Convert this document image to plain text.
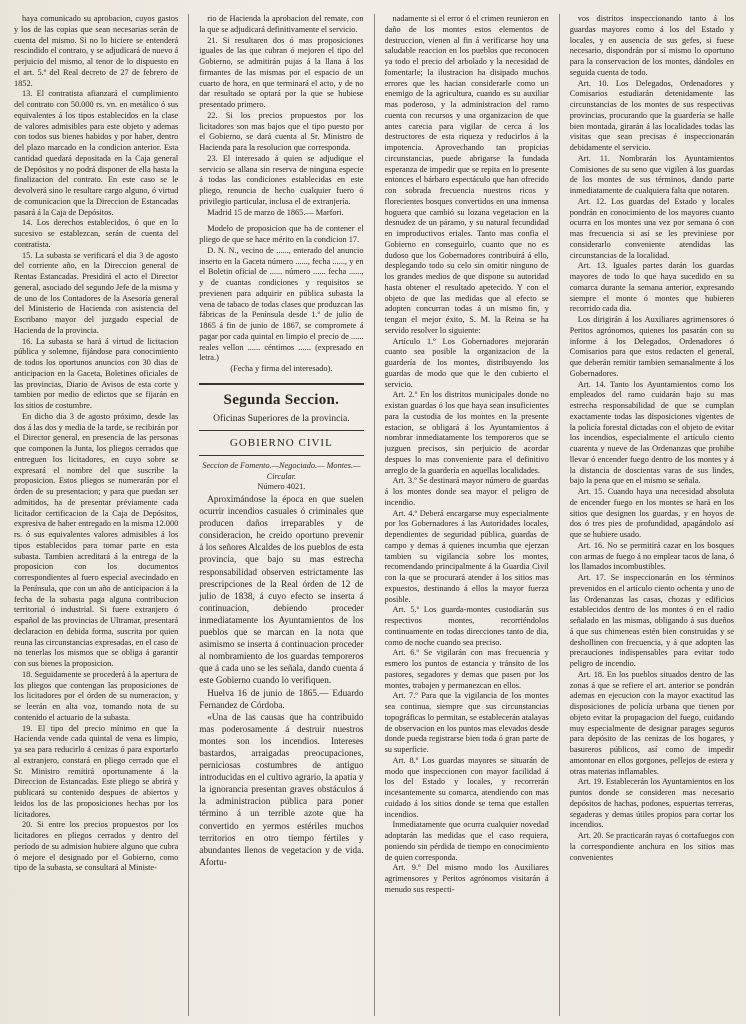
haya comunicado su aprobacion, cuyos gastos y los de las copias que sean necesarias serán de cuenta del mismo. Si no lo hiciere se entenderá rescindido el contrato, y se adjudicará de nuevo á perjuicio del mismo, al tenor de lo dispuesto en el art. 5.º del Real decreto de 27 de febrero de 1852.

13. El contratista afianzará el cumplimiento del contrato con 50.000 rs. vn. en metálico ó sus equivalentes á los tipos establecidos en la clase de valores admisibles para este objeto y ademas con todos sus bienes habidos y por haber, dentro del plazo marcado en la condicion anterior. Esta cantidad quedará depositada en la Caja general de Depósitos y no podrá disponer de ella hasta la finalizacion del contrato. En este caso se le devolverá sino le resultare cargo alguno, ó virtud de comunicacion que la Direccion de Estancadas pasará á la Caja de Depósitos.

14. Los derechos establecidos, ó que en lo sucesivo se establezcan, serán de cuenta del contratista.

15. La subasta se verificará el dia 3 de agosto del corriente año, en la Direccion general de Rentas Estancadas. Presidirá el acto el Director general, asociado del segundo Jefe de la misma y de uno de los Contadores de la Asesoría general del Ministerio de Hacienda con asistencia del Escribano mayor del juzgado especial de Hacienda de la provincia.

16. La subasta se hará á virtud de licitacion pública y solemne, fijándose para conocimiento de todos los oportunos anuncios con 30 dias de anticipacion en la Gaceta, Boletines oficiales de las provincias, Diario de Avisos de esta corte y tambien por medio de edictos que se fijarán en los sitios de costumbre.

En dicho dia 3 de agosto próximo, desde las dos á las dos y media de la tarde, se recibirán por el Director general, en presencia de las personas que componen la Junta, los pliegos cerrados que entreguen los licitadores, en cuyo sobre se expresará el nombre del que suscribe la proposicion. Estos pliegos se numerarán por el órden de su presentacion; y para que puedan ser admitidos, ha de presentar préviamente cada licitador certificacion de la Caja de Depósitos, expresiva de haber entregado en la misma 12.000 rs. ó sus equivalentes valores admisibles á los tipos establecidos para tomar parte en esta subasta. Tambien acreditará á la entrega de la proposicion con los documentos correspondientes al fuero especial avecindado en la Península, que con un año de anticipacion á la fecha de la subasta paga alguna contribucion territorial ó industrial. Si fuere extranjero ó español de las provincias de Ultramar, presentará declaracion en debida forma, suscrita por quien reuna las circunstancias expresadas, en el caso de no tenerlas los mismos que se obliga á garantir con sus bienes la proposicion.

18. Seguidamente se procederá á la apertura de los pliegos que contengan las proposiciones de los licitadores por el órden de su numeracion, y se leerán en alta voz, tomando nota de su contenido el actuario de la subasta.

19. El tipo del precio mínimo en que la Hacienda vende cada quintal de vena es limpio, ya sea para reducirlo á cenizas ó para exportarlo al extranjero, constará en pliego cerrado que el Sr. Ministro remitirá oportunamente á la Direccion de Estancadas. Este pliego se abrirá y publicará su contenido despues de abiertos y leidos los de las proposiciones hechas por los licitadores.

20. Si entre los precios propuestos por los licitadores en pliegos cerrados y dentro del período de su admision hubiere alguno que cubra ó mejore el designado por el Gobierno, como tipo de la subasta, se consultará al Ministe-

rio de Hacienda la aprobacion del remate, con la que se adjudicará definitivamente el servicio.

21. Si resultaren dos ó mas proposiciones iguales de las que cubran ó mejoren el tipo del Gobierno, se admitirán pujas á la llana á los firmantes de las mismas por el espacio de un cuarto de hora, en que terminará el acto, y de no dar resultado se optará por la que se hubiese presentado primero.

22. Si los precios propuestos por los licitadores son mas bajos que el tipo puesto por el Gobierno, se dará cuenta al Sr. Ministro de Hacienda para la resolucion que corresponda.

23. El interesado á quien se adjudique el servicio se allana sin reserva de ninguna especie á todas las condiciones establecidas en este pliego, renuncia de hecho cualquier fuero ó privilegio particular, inclusa el de extranjería.

Madrid 15 de marzo de 1865.— Marfori.

Modelo de proposicion que ha de contener el pliego de que se hace mérito en la condicion 17.

D. N. N., vecino de ......, enterado del anuncio inserto en la Gaceta número ......, fecha ......, y en el Boletin oficial de ...... número ...... fecha ......, y de cuantas condiciones y requisitos se previenen para adquirir en pública subasta la vena de tabaco de todas clases que produzcan las fábricas de la Península desde 1.º de julio de 1865 á fin de junio de 1867, se compromete á pagar por cada quintal en limpio el precio de ...... reales vellon ...... céntimos ...... (expresado en letra.)

(Fecha y firma del interesado).

Segunda Seccion.
Oficinas Superiores de la provincia.
GOBIERNO CIVIL

Seccion de Fomento.—Negociado.— Montes.—Circular.

Número 4021.

Aproximándose la época en que suelen ocurrir incendios casuales ó criminales que producen daños irreparables y de consideracion, he creido oportuno prevenir á los señores Alcaldes de los pueblos de esta provincia, que bajo su mas estrecha responsabilidad observen estrictamente las prescripciones de la Real órden de 12 de julio de 1838, á cuyo efecto se inserta á continuacion, debiendo proceder inmediatamente los Ayuntamientos de los pueblos que se marcan en la nota que asimismo se inserta á continuacion proceder al nombramiento de los guardas temporeros que á cada uno se les señala, dando cuenta á este Gobierno cuando lo verifiquen.

Huelva 16 de junio de 1865.— Eduardo Fernandez de Córdoba.

«Una de las causas que ha contribuido mas poderosamente á destruir nuestros montes son los incendios. Intereses bastardos, arraigadas preocupaciones, perniciosas costumbres de antiguo introducidas en el cultivo agrario, la apatía y la ignorancia presentan graves obstáculos á la administracion pública para poner término á un terrible azote que ha convertido en yermos estériles muchos territorios en otro tiempo fértiles y abundantes llenos de vegetacion y de vida. Afortu-

nadamente si el error ó el crimen reunieron en daño de los montes estos elementos de destruccion, vienen al fin á verificarse hoy una saludable reaccion en los pueblos que reconocen ya todo el precio del arbolado y la necesidad de fomentarle; la ilustracion ha disipado muchos errores que les hacian considerarle como un enemigo de la agricultura, cuando es su auxiliar mas poderoso, y la administracion del ramo cuenta con recursos y una organizacion de que antes carecia para vigilar de cerca á los destructores de esta riqueza y reducirlos á la impotencia. Aprovechando tan propicias circunstancias, puede abrigarse la fundada esperanza de impedir que se repita en lo presente entonces el bárbaro espectáculo que han ofrecido con sobrada frecuencia nuestros ricos y florecientes bosques convertidos en una inmensa hoguera que cambió su lozana vegetacion en la desnudez de un páramo, y su natural fecundidad en improductivos eriales. Tanto mas confia el Gobierno en conseguirlo, cuanto que no es dudoso que los Gobernadores contribuirá á ello, desplegando todo su celo sin omitir ninguno de los grandes medios de que dispone su autoridad hasta obtener el resultado apetecido. Y con el objeto de que las medidas que al efecto se adopten concurran todas á un mismo fin, y tengan el mejor éxito, S. M. la Reina se ha servido resolver lo siguiente:

Artículo 1.º Los Gobernadores mejorarán cuanto sea posible la organizacion de la guardería de los montes, distribuyendo los guardas de modo que que le den cubierto el servicio.

Art. 2.º En los distritos municipales donde no existan guardas ó los que haya sean insuficientes para la custodia de los montes en la presente estacion, se obligará á los Ayuntamientos á nombrar inmediatamente los temporeros que se juzguen precisos, sin perjuicio de acordar despues lo mas conveniente para el definitivo arreglo de la guardería en aquellas localidades.

Art. 3.º Se destinará mayor número de guardas á los montes donde sea mayor el peligro de incendio.

Art. 4.º Deberá encargarse muy especialmente por los Gobernadores á las Autoridades locales, dependientes de seguridad pública, guardas de campo y demas á quienes incumba que ejerzan tambien su vigilancia sobre los montes, recomendando principalmente á la Guardia Civil con la que se procurará atender á los sitios mas expuestos, destinando á ellos la mayor fuerza posible.

Art. 5.º Los guarda-montes custodiarán sus respectivos montes, recorriéndolos continuamente en todas direcciones tanto de dia, como de noche cuando sea preciso.

Art. 6.º Se vigilarán con mas frecuencia y esmero los puntos de estancia y tránsito de los pastores, segadores y demas que pasen por los montes, trabajen y permanezcan en ellos.

Art. 7.º Para que la vigilancia de los montes sea continua, siempre que sus circunstancias topográficas lo permitan, se establecerán atalayas de observacion en los puntos mas elevados desde donde pueda registrarse bien toda ó gran parte de su superficie.

Art. 8.º Los guardas mayores se situarán de modo que inspeccionen con mayor facilidad á los del Estado y locales, y recorrerán incesantemente su comarca, atendiendo con mas cuidado á los sitios donde se tema que estallen incendios.

Inmediatamente que ocurra cualquier novedad adoptarán las medidas que el caso requiera, poniendo sin pérdida de tiempo en conocimiento de quien corresponda.

Art. 9.º Del mismo modo los Auxiliares agrimensores y Peritos agrónomos visitarán á menudo sus respecti-

vos distritos inspeccionando tanto á los guardas mayores como á los del Estado y locales, y en ausencia de sus gefes, si fuese necesario, dispondrán por sí mismo lo oportuno para la conservacion de los montes, dándoles en seguida cuenta de todo.

Art. 10. Los Delegados, Ordenadores y Comisarios estudiarán detenidamente las circunstancias de los montes de sus respectivas provincias, procurando que la guardería se halle bien montada, girarán á las localidades todas las visitas que sean precisas é inspeccionarán debidamente el servicio.

Art. 11. Nombrarán los Ayuntamientos Comisiones de su seno que vigilen á los guardas de los montes de sus términos, dando parte inmediatamente de cualquiera falta que notaren.

Art. 12. Los guardas del Estado y locales pondrán en conocimiento de los mayores cuanto ocurra en los montes una vez por semana ó con mas frecuencia si así se les previniese por considerarlo conveniente atendidas las circunstancias de la localidad.

Art. 13. Iguales partes darán los guardas mayores de todo lo que haya sucedido en su comarca durante la semana anterior, expresando siempre el monte ó montes que hubieren recorrido cada dia.

Los dirigirán á los Auxiliares agrimensores ó Peritos agrónomos, quienes los pasarán con su informe á los Delegados, Ordenadores ó Comisarios para que estos redacten el general, que deberán remitir tambien semanalmente á los Gobernadores.

Art. 14. Tanto los Ayuntamientos como los empleados del ramo cuidarán bajo su mas estrecha responsabilidad de que se cumplan exactamente todas las disposiciones vigentes de la policía forestal dictadas con el objeto de evitar los incendios, especialmente el artículo ciento cuarenta y nueve de las Ordenanzas que prohibe llevar ó encender fuego dentro de los montes y á la distancia de doscientas varas de sus lindes, bajo la pena que en el mismo se señala.

Art. 15. Cuando haya una necesidad absoluta de encender fuego en los montes se hará en los sitios que designen los guardas, y en hoyos de dos ó tres pies de profundidad, apagándolo así que se hubiere usado.

Art. 16. No se permitirá cazar en los bosques con armas de fuego á no emplear tacos de lana, ó los llamados incombustibles.

Art. 17. Se inspeccionarán en los términos prevenidos en el artículo ciento ochenta y uno de las Ordenanzas las casas, chozas y edificios establecidos dentro de los montes ó en el radio señalado en las mismas, obligando á sus dueños á que sus chimeneas estén bien construidas y se deshollinen con frecuencia, y á que adopten las precauciones indispensables para evitar todo peligro de incendio.

Art. 18. En los pueblos situados dentro de las zonas á que se refiere el art. anterior se pondrán ademas en ejecucion con la mayor exactitud las disposiciones de policía urbana que tienen por objeto evitar la propagacion del fuego, cuidando muy especialmente de designar parages seguros para depósito de las cenizas de los hogares, y basureros públicos, así como de impedir amontonar en ellos gorgones, pellejos de estera y otras materias inflamables.

Art. 19. Establecerán los Ayuntamientos en los puntos donde se consideren mas necesario depósitos de hachas, podones, espuertas terreras, segaderas y demas útiles propios para cortar los incendios.

Art. 20. Se practicarán rayas ó cortafuegos con la correspondiente anchura en los sitios mas convenientes
